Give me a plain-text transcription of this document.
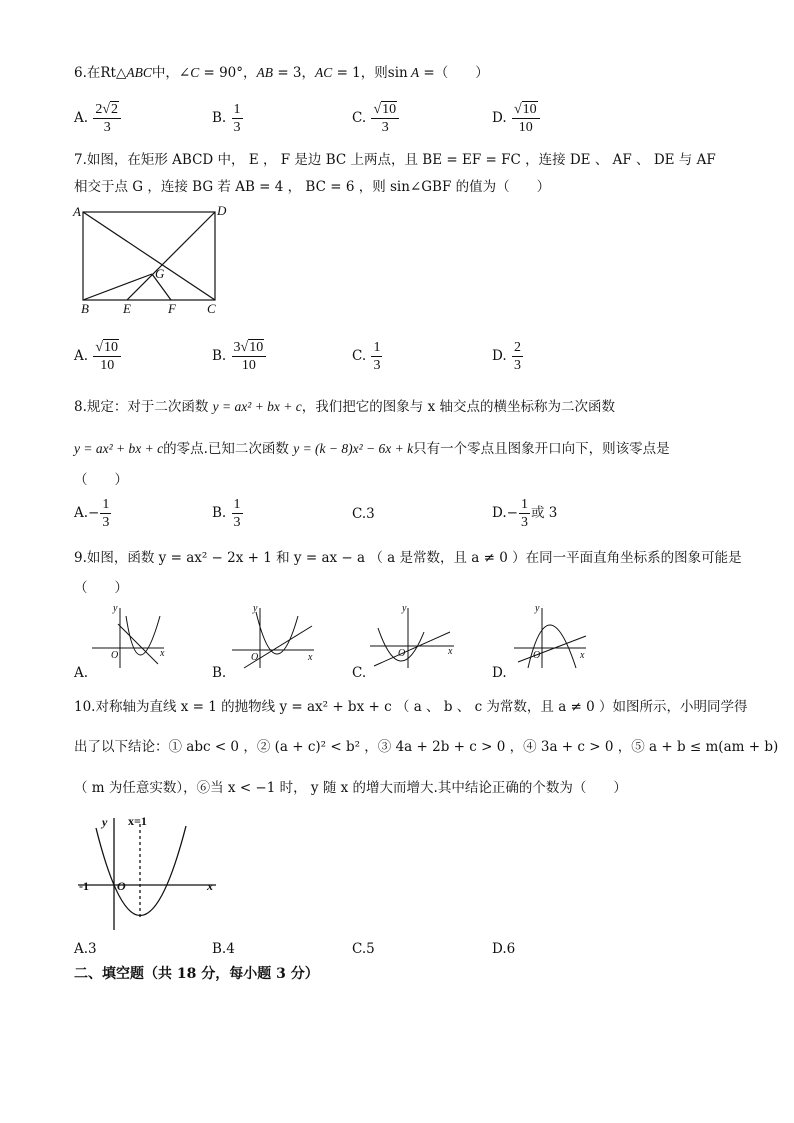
6.在Rt△ABC中，∠C = 90°，AB = 3，AC = 1，则sin A =（　　）
A. $\frac{2√2}{3}$	B. $\frac{1}{3}$	C. $\frac{√10}{3}$	D. $\frac{√10}{10}$
7.如图，在矩形 ABCD 中， E ， F 是边 BC 上两点，且 BE = EF = FC ，连接 DE 、 AF 、 DE 与 AF
相交于点 G ，连接 BG 若 AB = 4 ， BC = 6 ，则 sin∠GBF 的值为（　　）
A	D
G
B	E	F C
A. $\frac{√10}{10}$	B. $\frac{3√10}{10}$	C. $\frac{1}{3}$	D. $\frac{2}{3}$
8.规定：对于二次函数 y = ax² + bx + c，我们把它的图象与 x 轴交点的横坐标称为二次函数
y = ax² + bx + c的零点.已知二次函数 y = (k − 8)x² − 6x + k只有一个零点且图象开口向下，则该零点是
（　　）
$A.- \frac{1}{3}$	B. $\frac{1}{3}$	C.3	$D.- \frac{1}{3}$ 或 3
9.如图，函数 y = ax² − 2x + 1 和 y = ax − a （ a 是常数，且 a ≠ 0 ）在同一平面直角坐标系的图象可能是
（　　）
y
x
O
A.
y
x
O
B.
y
x
O
C.
y
x
O
D.
10.对称轴为直线 x = 1 的抛物线 y = ax² + bx + c （ a 、 b 、 c 为常数，且 a ≠ 0 ）如图所示，小明同学得
出了以下结论：① abc < 0 ，② (a + c)² < b² ，③ 4a + 2b + c > 0 ，④ 3a + c > 0 ，⑤ a + b ≤ m(am + b)
（ m 为任意实数），⑥当 x < −1 时， y 随 x 的增大而增大.其中结论正确的个数为（　　）
y x=1
-1 O	x
A.3	B.4	C.5	D.6
二、填空题（共 18 分，每小题 3 分）
